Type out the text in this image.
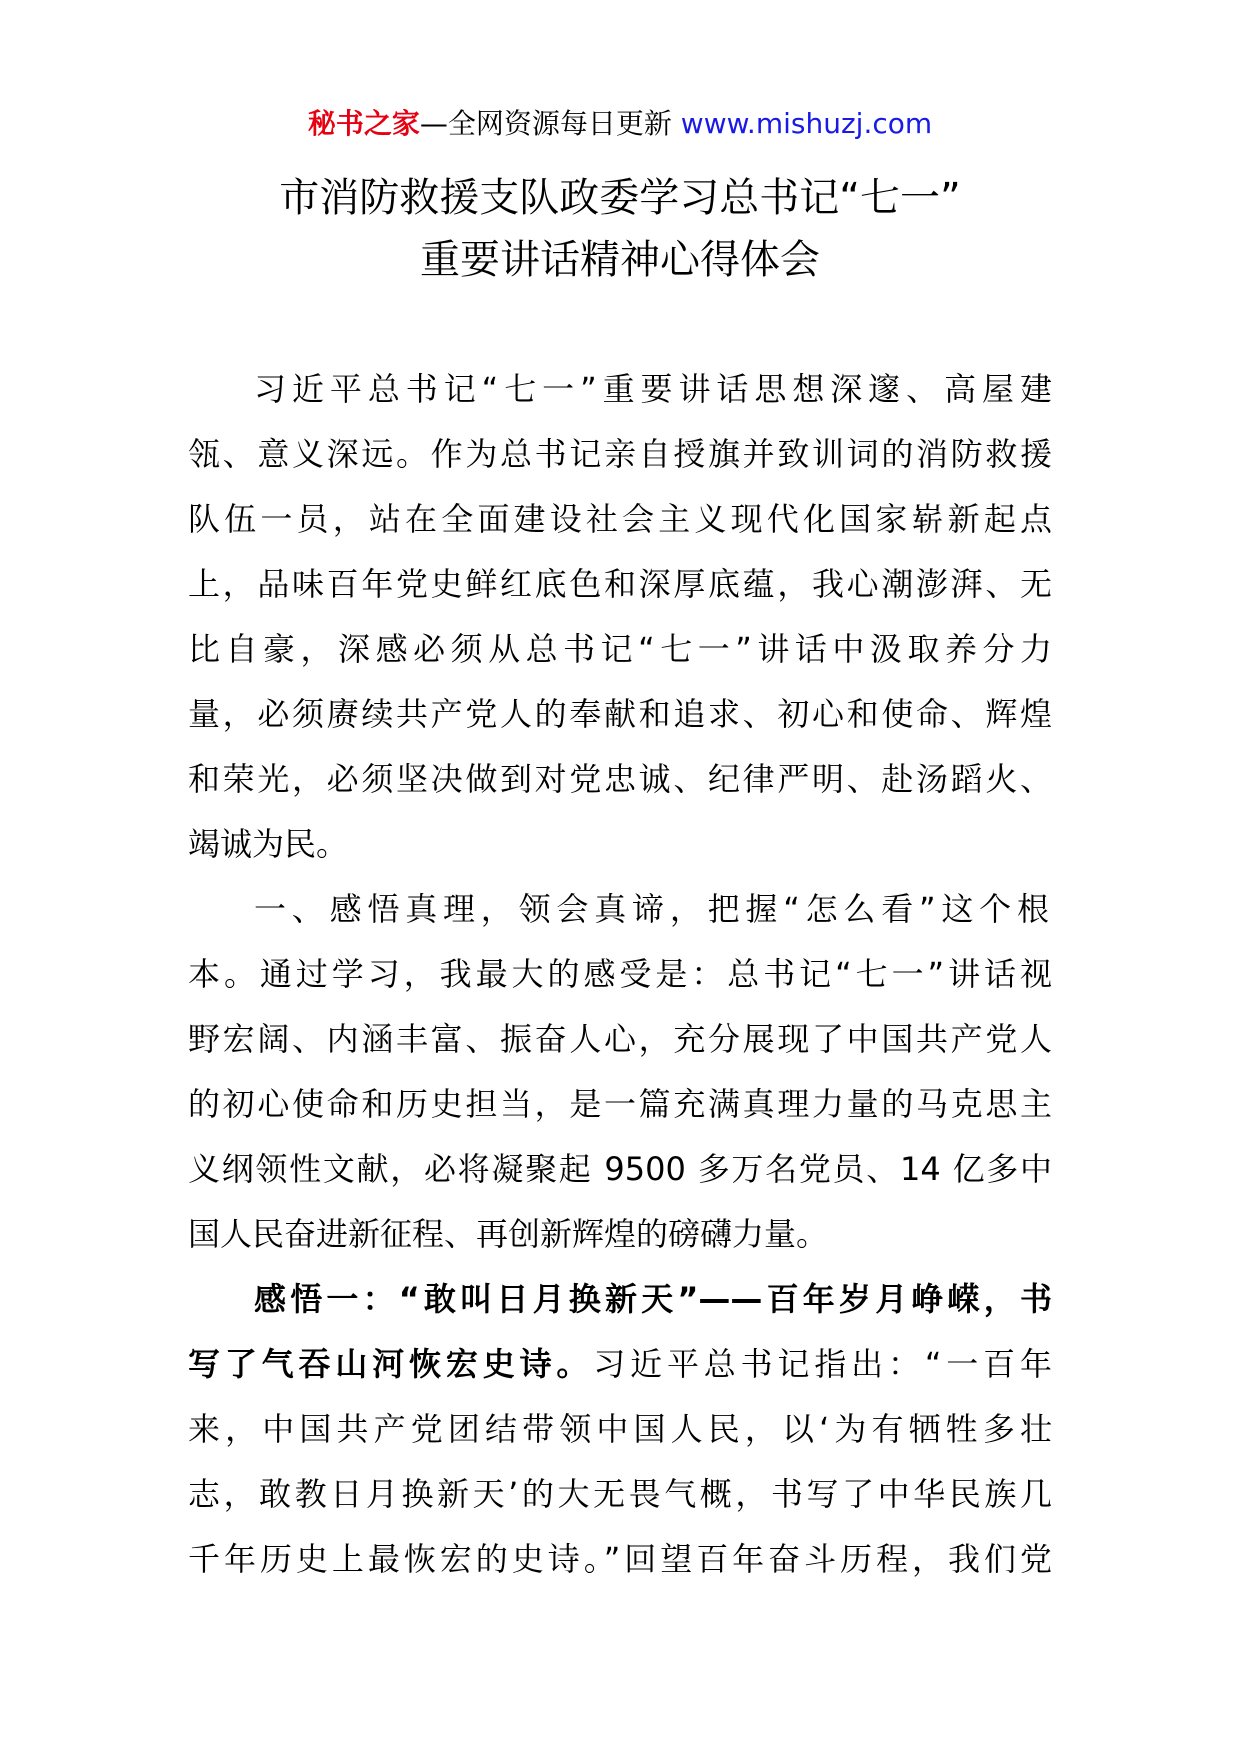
秘书之家—全网资源每日更新 www.mishuzj.com
市消防救援支队政委学习总书记“七一”
重要讲话精神心得体会
习近平总书记“七一”重要讲话思想深邃、高屋建
瓴、意义深远。作为总书记亲自授旗并致训词的消防救援
队伍一员，站在全面建设社会主义现代化国家崭新起点
上，品味百年党史鲜红底色和深厚底蕴，我心潮澎湃、无
比自豪，深感必须从总书记“七一”讲话中汲取养分力
量，必须赓续共产党人的奉献和追求、初心和使命、辉煌
和荣光，必须坚决做到对党忠诚、纪律严明、赴汤蹈火、
竭诚为民。
一、感悟真理，领会真谛，把握“怎么看”这个根
本。通过学习，我最大的感受是：总书记“七一”讲话视
野宏阔、内涵丰富、振奋人心，充分展现了中国共产党人
的初心使命和历史担当，是一篇充满真理力量的马克思主
义纲领性文献，必将凝聚起 9500 多万名党员、14 亿多中
国人民奋进新征程、再创新辉煌的磅礴力量。
感悟一：“敢叫日月换新天”——百年岁月峥嵘，书
写了气吞山河恢宏史诗。习近平总书记指出：“一百年
来，中国共产党团结带领中国人民，以‘为有牺牲多壮
志，敢教日月换新天’的大无畏气概，书写了中华民族几
千年历史上最恢宏的史诗。”回望百年奋斗历程，我们党
